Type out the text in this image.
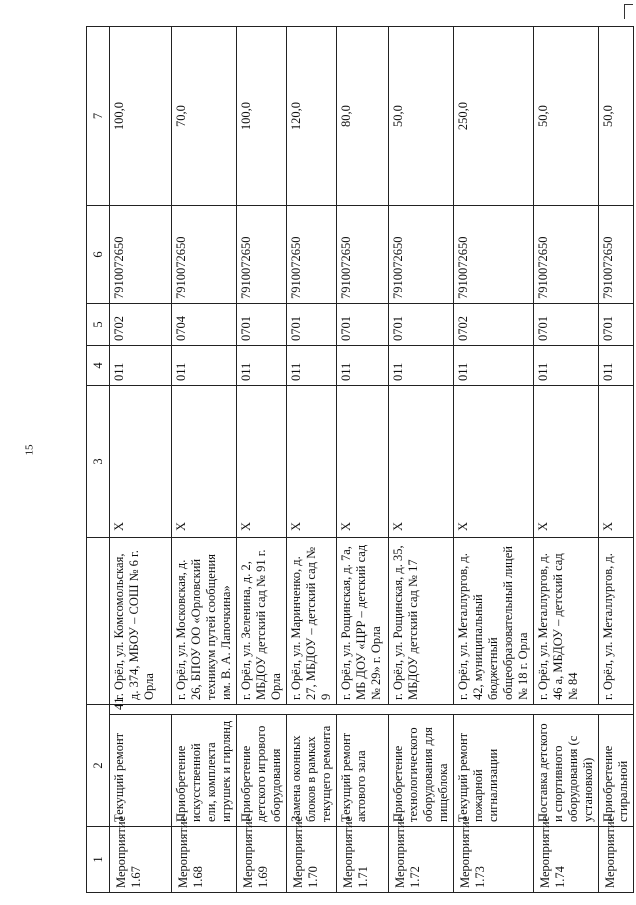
15
1	2			3	4	5	6	7
Мероприятие 1.67	Текущий ремонт	41	г. Орёл, ул. Комсомольская, д. 374, МБОУ – СОШ № 6 г. Орла	Х	011	0702	7910072650	100,0
Мероприятие 1.68	Приобретение искусственной ели, комплекта игрушек и гирлянд		г. Орёл, ул. Московская, д. 26, БПОУ ОО «Орловский техникум путей сообщения им. В. А. Лапочкина»	Х	011	0704	7910072650	70,0
Мероприятие 1.69	Приобретение детского игрового оборудования		г. Орёл, ул. Зеленина, д. 2, МБДОУ детский сад № 91 г. Орла	Х	011	0701	7910072650	100,0
Мероприятие 1.70	Замена оконных блоков в рамках текущего ремонта		г. Орёл, ул. Маринченко, д. 27, МБДОУ – детский сад № 9	Х	011	0701	7910072650	120,0
Мероприятие 1.71	Текущий ремонт актового зала		г. Орёл, ул. Рощинская, д. 7а, МБ ДОУ «ЦРР – детский сад № 29» г. Орла	Х	011	0701	7910072650	80,0
Мероприятие 1.72	Приобретение технологического оборудования для пищеблока		г. Орёл, ул. Рощинская, д. 35, МБДОУ детский сад № 17	Х	011	0701	7910072650	50,0
Мероприятие 1.73	Текущий ремонт пожарной сигнализации		г. Орёл, ул. Металлургов, д. 42, муниципальный бюджетный общеобразовательный лицей № 18 г. Орла	Х	011	0702	7910072650	250,0
Мероприятие 1.74	Поставка детского и спортивного оборудования (с установкой)		г. Орёл, ул. Металлургов, д. 46 а, МБДОУ – детский сад № 84	Х	011	0701	7910072650	50,0
Мероприятие	Приобретение стиральной		г. Орёл, ул. Металлургов, д.	Х	011	0701	7910072650	50,0
